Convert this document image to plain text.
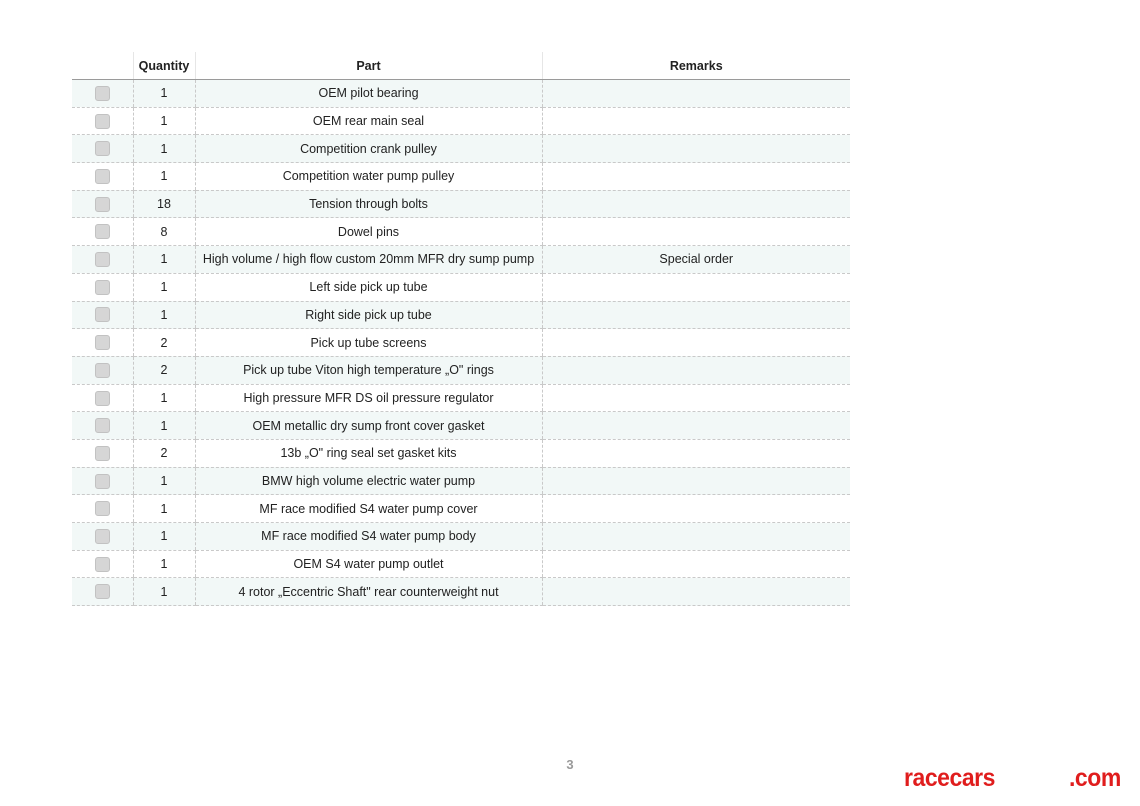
	Quantity	Part	Remarks
	1	OEM pilot bearing	
	1	OEM rear main seal	
	1	Competition crank pulley	
	1	Competition water pump pulley	
	18	Tension through bolts	
	8	Dowel pins	
	1	High volume / high flow custom 20mm MFR dry sump pump	Special order
	1	Left side pick up tube	
	1	Right side pick up tube	
	2	Pick up tube screens	
	2	Pick up tube Viton high temperature „O" rings	
	1	High pressure MFR DS oil pressure regulator	
	1	OEM metallic dry sump front cover gasket	
	2	13b „O" ring seal set gasket kits	
	1	BMW high volume electric water pump	
	1	MF race modified S4 water pump cover	
	1	MF race modified S4 water pump body	
	1	OEM S4 water pump outlet	
	1	4 rotor „Eccentric Shaft" rear counterweight nut	
3	racecars	.com
